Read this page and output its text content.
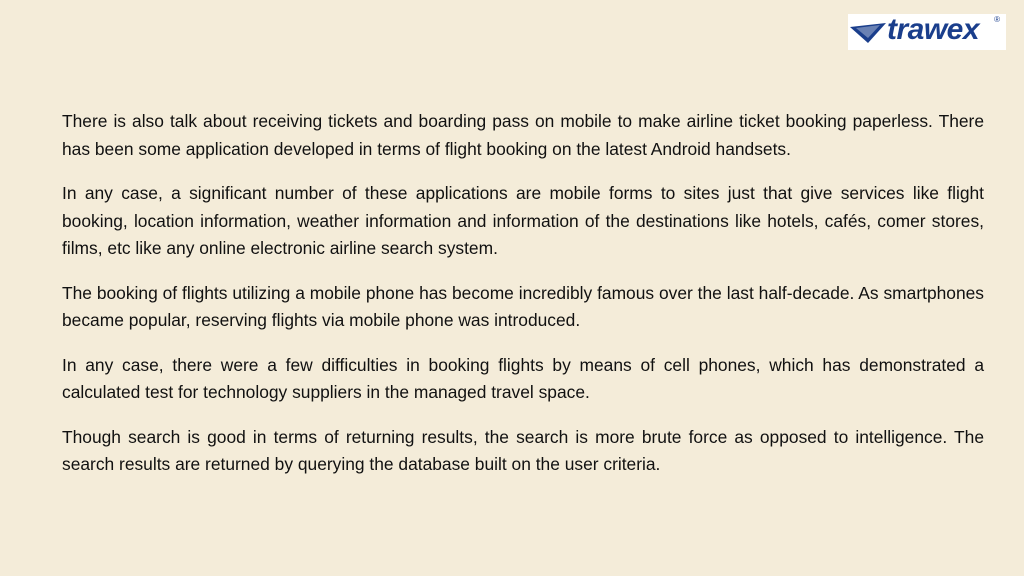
trawex ®

There is also talk about receiving tickets and boarding pass on mobile to make airline ticket booking paperless. There has been some application developed in terms of flight booking on the latest Android handsets.

In any case, a significant number of these applications are mobile forms to sites just that give services like flight booking, location information, weather information and information of the destinations like hotels, cafés, comer stores, films, etc like any online electronic airline search system.

The booking of flights utilizing a mobile phone has become incredibly famous over the last half-decade. As smartphones became popular, reserving flights via mobile phone was introduced.

In any case, there were a few difficulties in booking flights by means of cell phones, which has demonstrated a calculated test for technology suppliers in the managed travel space.

Though search is good in terms of returning results, the search is more brute force as opposed to intelligence. The search results are returned by querying the database built on the user criteria.
